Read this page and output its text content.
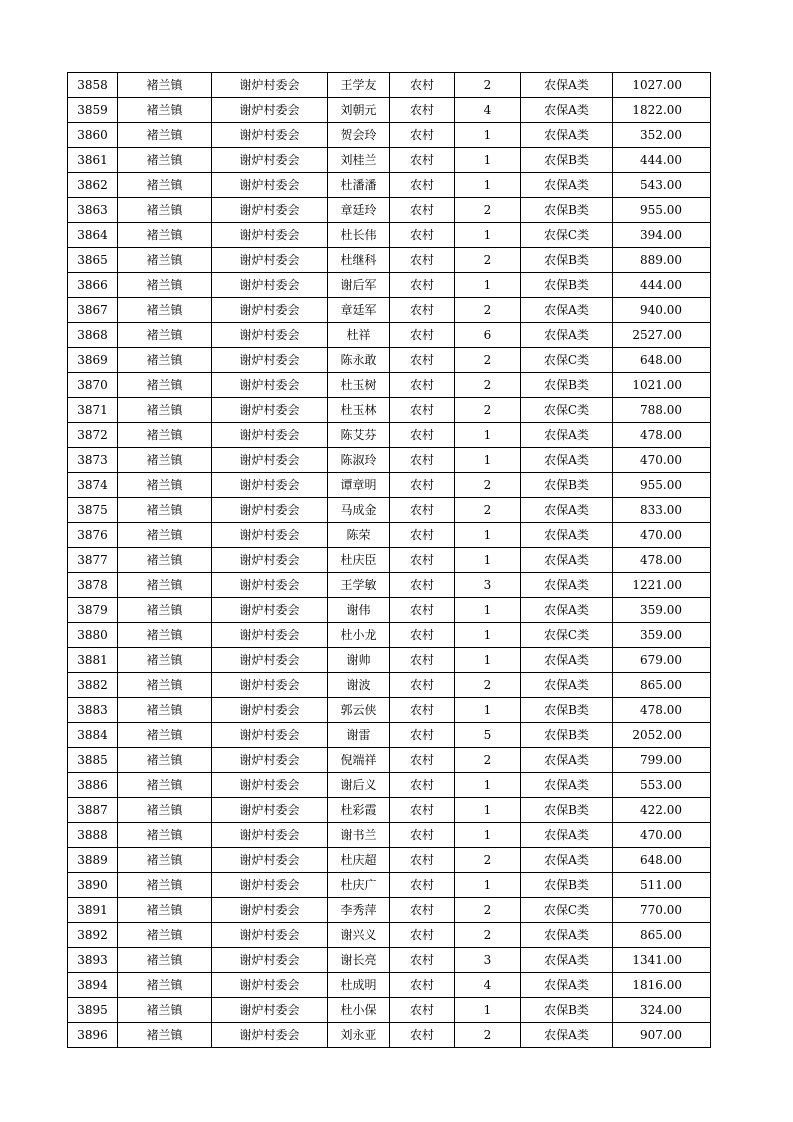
3858	褚兰镇	谢炉村委会	王学友	农村	2	农保A类	1027.00
3859	褚兰镇	谢炉村委会	刘朝元	农村	4	农保A类	1822.00
3860	褚兰镇	谢炉村委会	贺会玲	农村	1	农保A类	352.00
3861	褚兰镇	谢炉村委会	刘桂兰	农村	1	农保B类	444.00
3862	褚兰镇	谢炉村委会	杜潘潘	农村	1	农保A类	543.00
3863	褚兰镇	谢炉村委会	章廷玲	农村	2	农保B类	955.00
3864	褚兰镇	谢炉村委会	杜长伟	农村	1	农保C类	394.00
3865	褚兰镇	谢炉村委会	杜继科	农村	2	农保B类	889.00
3866	褚兰镇	谢炉村委会	谢后军	农村	1	农保B类	444.00
3867	褚兰镇	谢炉村委会	章廷军	农村	2	农保A类	940.00
3868	褚兰镇	谢炉村委会	杜祥	农村	6	农保A类	2527.00
3869	褚兰镇	谢炉村委会	陈永敢	农村	2	农保C类	648.00
3870	褚兰镇	谢炉村委会	杜玉树	农村	2	农保B类	1021.00
3871	褚兰镇	谢炉村委会	杜玉林	农村	2	农保C类	788.00
3872	褚兰镇	谢炉村委会	陈艾芬	农村	1	农保A类	478.00
3873	褚兰镇	谢炉村委会	陈淑玲	农村	1	农保A类	470.00
3874	褚兰镇	谢炉村委会	谭章明	农村	2	农保B类	955.00
3875	褚兰镇	谢炉村委会	马成金	农村	2	农保A类	833.00
3876	褚兰镇	谢炉村委会	陈荣	农村	1	农保A类	470.00
3877	褚兰镇	谢炉村委会	杜庆臣	农村	1	农保A类	478.00
3878	褚兰镇	谢炉村委会	王学敏	农村	3	农保A类	1221.00
3879	褚兰镇	谢炉村委会	谢伟	农村	1	农保A类	359.00
3880	褚兰镇	谢炉村委会	杜小龙	农村	1	农保C类	359.00
3881	褚兰镇	谢炉村委会	谢帅	农村	1	农保A类	679.00
3882	褚兰镇	谢炉村委会	谢波	农村	2	农保A类	865.00
3883	褚兰镇	谢炉村委会	郭云侠	农村	1	农保B类	478.00
3884	褚兰镇	谢炉村委会	谢雷	农村	5	农保B类	2052.00
3885	褚兰镇	谢炉村委会	倪端祥	农村	2	农保A类	799.00
3886	褚兰镇	谢炉村委会	谢后义	农村	1	农保A类	553.00
3887	褚兰镇	谢炉村委会	杜彩霞	农村	1	农保B类	422.00
3888	褚兰镇	谢炉村委会	谢书兰	农村	1	农保A类	470.00
3889	褚兰镇	谢炉村委会	杜庆超	农村	2	农保A类	648.00
3890	褚兰镇	谢炉村委会	杜庆广	农村	1	农保B类	511.00
3891	褚兰镇	谢炉村委会	李秀萍	农村	2	农保C类	770.00
3892	褚兰镇	谢炉村委会	谢兴义	农村	2	农保A类	865.00
3893	褚兰镇	谢炉村委会	谢长亮	农村	3	农保A类	1341.00
3894	褚兰镇	谢炉村委会	杜成明	农村	4	农保A类	1816.00
3895	褚兰镇	谢炉村委会	杜小保	农村	1	农保B类	324.00
3896	褚兰镇	谢炉村委会	刘永亚	农村	2	农保A类	907.00
